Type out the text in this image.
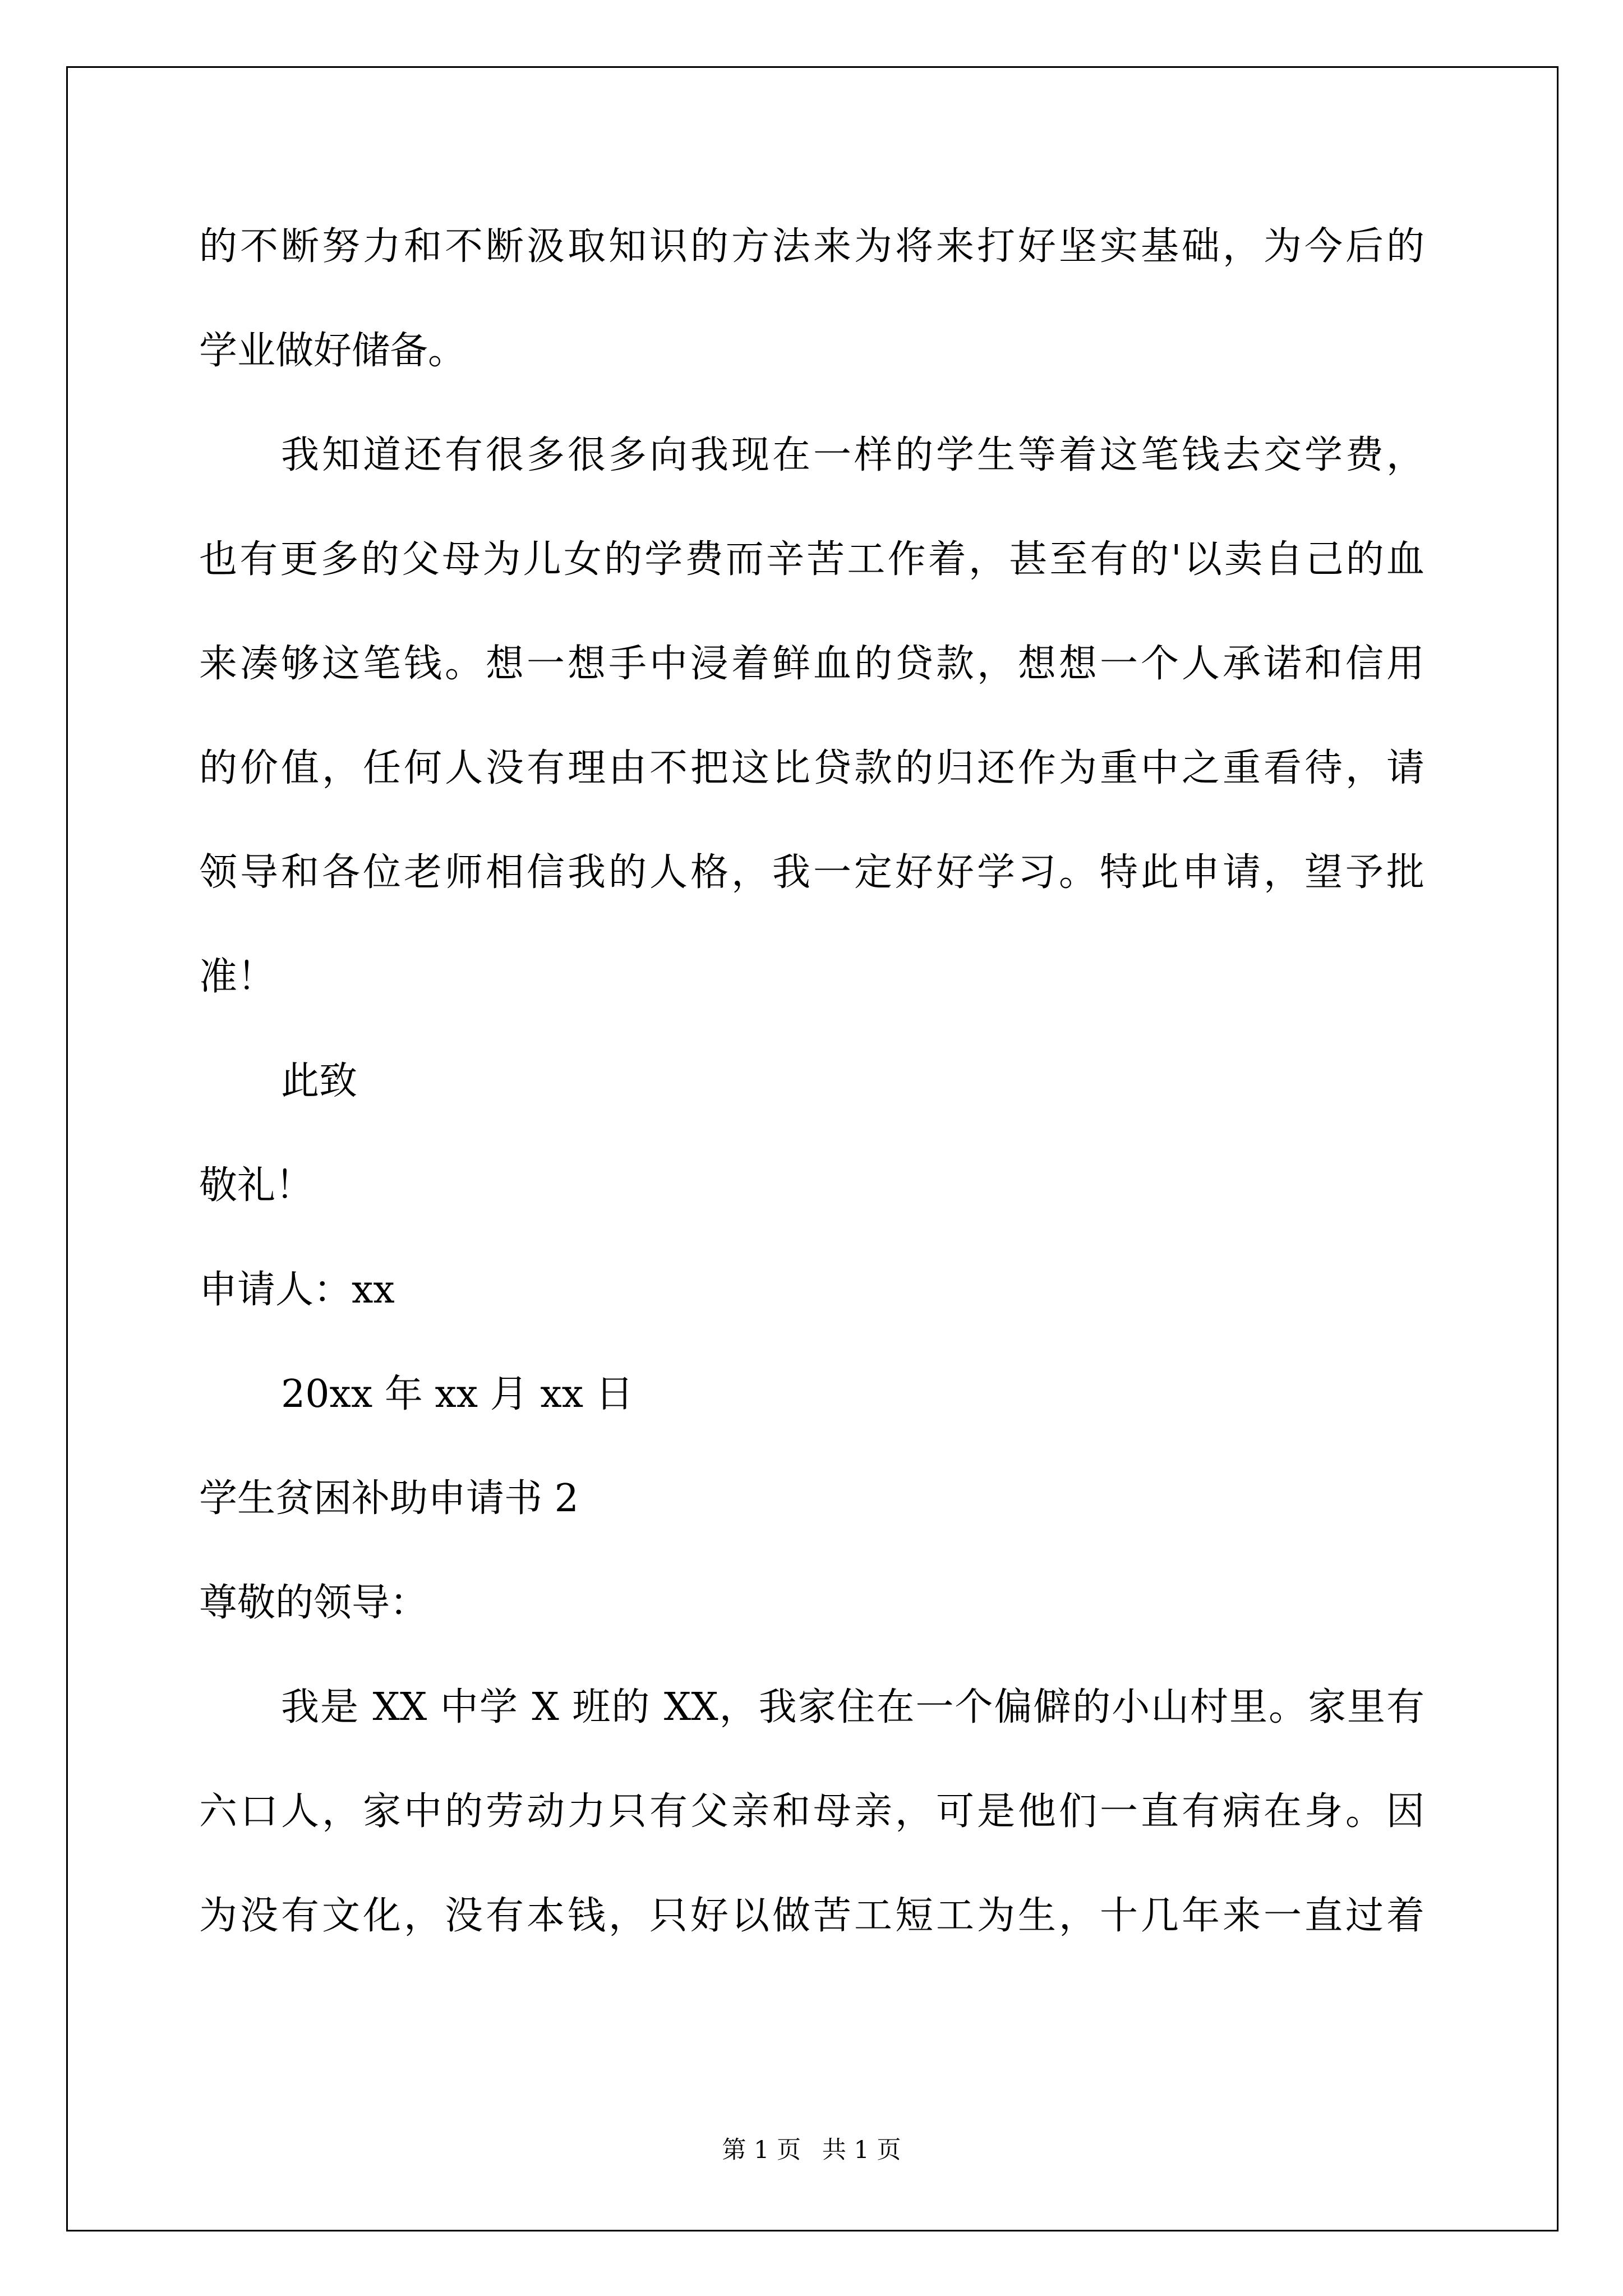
的不断努力和不断汲取知识的方法来为将来打好坚实基础，为今后的
学业做好储备。
我知道还有很多很多向我现在一样的学生等着这笔钱去交学费，
也有更多的父母为儿女的学费而辛苦工作着，甚至有的'以卖自己的血
来凑够这笔钱。想一想手中浸着鲜血的贷款，想想一个人承诺和信用
的价值，任何人没有理由不把这比贷款的归还作为重中之重看待，请
领导和各位老师相信我的人格，我一定好好学习。特此申请，望予批
准！
此致
敬礼！
申请人：xx
20xx 年 xx 月 xx 日
学生贫困补助申请书 2
尊敬的领导：
我是 XX 中学 X 班的 XX，我家住在一个偏僻的小山村里。家里有
六口人，家中的劳动力只有父亲和母亲，可是他们一直有病在身。因
为没有文化，没有本钱，只好以做苦工短工为生，十几年来一直过着
第 1 页 共 1 页
